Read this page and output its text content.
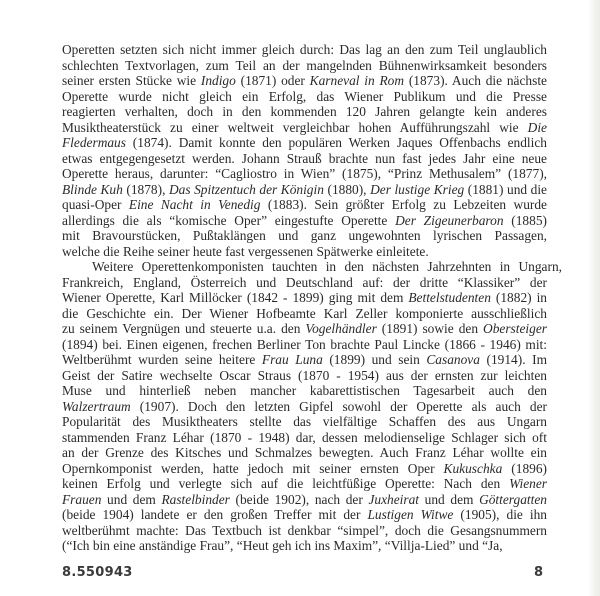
Operetten setzten sich nicht immer gleich durch: Das lag an den zum Teil unglaublich
schlechten Textvorlagen, zum Teil an der mangelnden Bühnenwirksamkeit besonders
seiner ersten Stücke wie Indigo (1871) oder Karneval in Rom (1873). Auch die nächste
Operette wurde nicht gleich ein Erfolg, das Wiener Publikum und die Presse
reagierten verhalten, doch in den kommenden 120 Jahren gelangte kein anderes
Musiktheaterstück zu einer weltweit vergleichbar hohen Aufführungszahl wie Die
Fledermaus (1874). Damit konnte den populären Werken Jaques Offenbachs endlich
etwas entgegengesetzt werden. Johann Strauß brachte nun fast jedes Jahr eine neue
Operette heraus, darunter: “Cagliostro in Wien” (1875), “Prinz Methusalem” (1877),
Blinde Kuh (1878), Das Spitzentuch der Königin (1880), Der lustige Krieg (1881) und die
quasi-Oper Eine Nacht in Venedig (1883). Sein größter Erfolg zu Lebzeiten wurde
allerdings die als “komische Oper” eingestufte Operette Der Zigeunerbaron (1885)
mit Bravourstücken, Pußtaklängen und ganz ungewohnten lyrischen Passagen,
welche die Reihe seiner heute fast vergessenen Spätwerke einleitete.
Weitere Operettenkomponisten tauchten in den nächsten Jahrzehnten in Ungarn,
Frankreich, England, Österreich und Deutschland auf: der dritte “Klassiker” der
Wiener Operette, Karl Millöcker (1842 - 1899) ging mit dem Bettelstudenten (1882) in
die Geschichte ein. Der Wiener Hofbeamte Karl Zeller komponierte ausschließlich
zu seinem Vergnügen und steuerte u.a. den Vogelhändler (1891) sowie den Obersteiger
(1894) bei. Einen eigenen, frechen Berliner Ton brachte Paul Lincke (1866 - 1946) mit:
Weltberühmt wurden seine heitere Frau Luna (1899) und sein Casanova (1914). Im
Geist der Satire wechselte Oscar Straus (1870 - 1954) aus der ernsten zur leichten
Muse und hinterließ neben mancher kabarettistischen Tagesarbeit auch den
Walzertraum (1907). Doch den letzten Gipfel sowohl der Operette als auch der
Popularität des Musiktheaters stellte das vielfältige Schaffen des aus Ungarn
stammenden Franz Léhar (1870 - 1948) dar, dessen melodienselige Schlager sich oft
an der Grenze des Kitsches und Schmalzes bewegten. Auch Franz Léhar wollte ein
Opernkomponist werden, hatte jedoch mit seiner ernsten Oper Kukuschka (1896)
keinen Erfolg und verlegte sich auf die leichtfüßige Operette: Nach den Wiener
Frauen und dem Rastelbinder (beide 1902), nach der Juxheirat und dem Göttergatten
(beide 1904) landete er den großen Treffer mit der Lustigen Witwe (1905), die ihn
weltberühmt machte: Das Textbuch ist denkbar “simpel”, doch die Gesangsnummern
(“Ich bin eine anständige Frau”, “Heut geh ich ins Maxim”, “Villja-Lied” und “Ja,
8.550943	8
